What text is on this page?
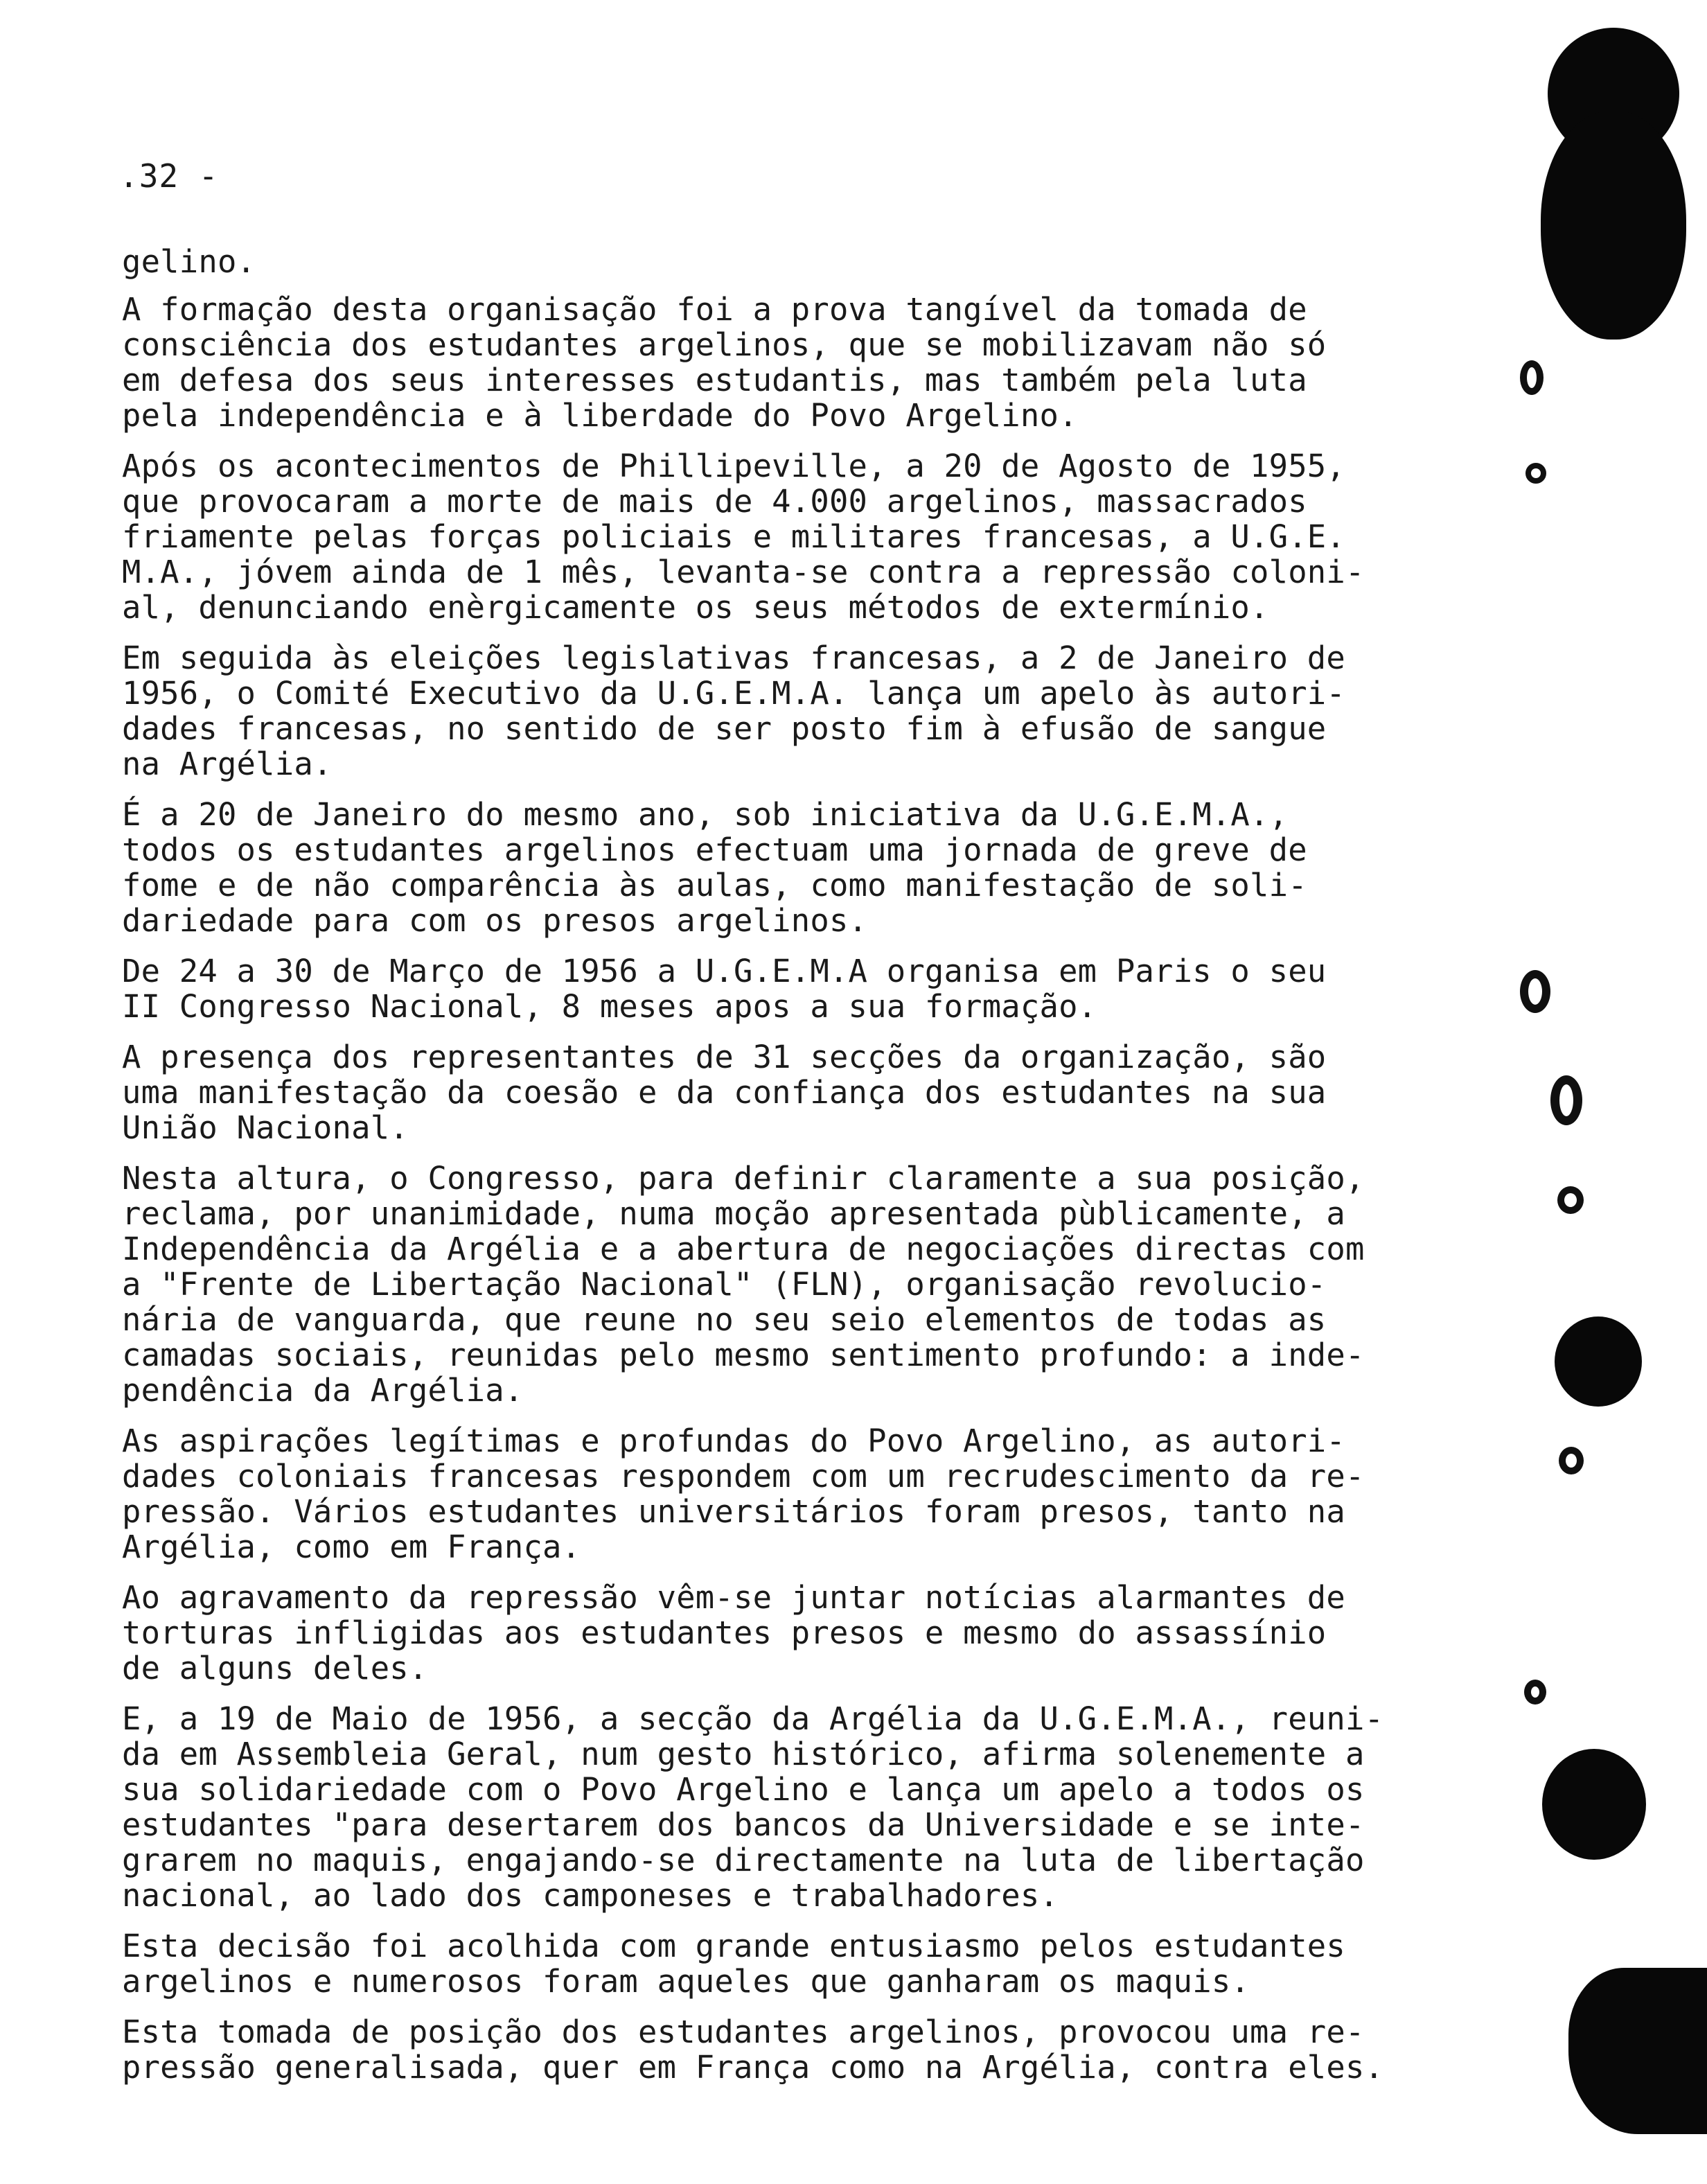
.32 -

gelino.

A formação desta organisação foi a prova tangível da tomada de
consciência dos estudantes argelinos, que se mobilizavam não só
em defesa dos seus interesses estudantis, mas também pela luta
pela independência e à liberdade do Povo Argelino.

Após os acontecimentos de Phillipeville, a 20 de Agosto de 1955,
que provocaram a morte de mais de 4.000 argelinos, massacrados
friamente pelas forças policiais e militares francesas, a U.G.E.
M.A., jóvem ainda de 1 mês, levanta-se contra a repressão coloni-
al, denunciando enèrgicamente os seus métodos de extermínio.

Em seguida às eleições legislativas francesas, a 2 de Janeiro de
1956, o Comité Executivo da U.G.E.M.A. lança um apelo às autori-
dades francesas, no sentido de ser posto fim à efusão de sangue
na Argélia.

É a 20 de Janeiro do mesmo ano, sob iniciativa da U.G.E.M.A.,
todos os estudantes argelinos efectuam uma jornada de greve de
fome e de não comparência às aulas, como manifestação de soli-
dariedade para com os presos argelinos.

De 24 a 30 de Março de 1956 a U.G.E.M.A organisa em Paris o seu
II Congresso Nacional, 8 meses apos a sua formação.

A presença dos representantes de 31 secções da organização, são
uma manifestação da coesão e da confiança dos estudantes na sua
União Nacional.

Nesta altura, o Congresso, para definir claramente a sua posição,
reclama, por unanimidade, numa moção apresentada pùblicamente, a
Independência da Argélia e a abertura de negociações directas com
a "Frente de Libertação Nacional" (FLN), organisação revolucio-
nária de vanguarda, que reune no seu seio elementos de todas as
camadas sociais, reunidas pelo mesmo sentimento profundo: a inde-
pendência da Argélia.

As aspirações legítimas e profundas do Povo Argelino, as autori-
dades coloniais francesas respondem com um recrudescimento da re-
pressão. Vários estudantes universitários foram presos, tanto na
Argélia, como em França.

Ao agravamento da repressão vêm-se juntar notícias alarmantes de
torturas infligidas aos estudantes presos e mesmo do assassínio
de alguns deles.

E, a 19 de Maio de 1956, a secção da Argélia da U.G.E.M.A., reuni-
da em Assembleia Geral, num gesto histórico, afirma solenemente a
sua solidariedade com o Povo Argelino e lança um apelo a todos os
estudantes "para desertarem dos bancos da Universidade e se inte-
grarem no maquis, engajando-se directamente na luta de libertação
nacional, ao lado dos camponeses e trabalhadores.

Esta decisão foi acolhida com grande entusiasmo pelos estudantes
argelinos e numerosos foram aqueles que ganharam os maquis.

Esta tomada de posição dos estudantes argelinos, provocou uma re-
pressão generalisada, quer em França como na Argélia, contra eles.
